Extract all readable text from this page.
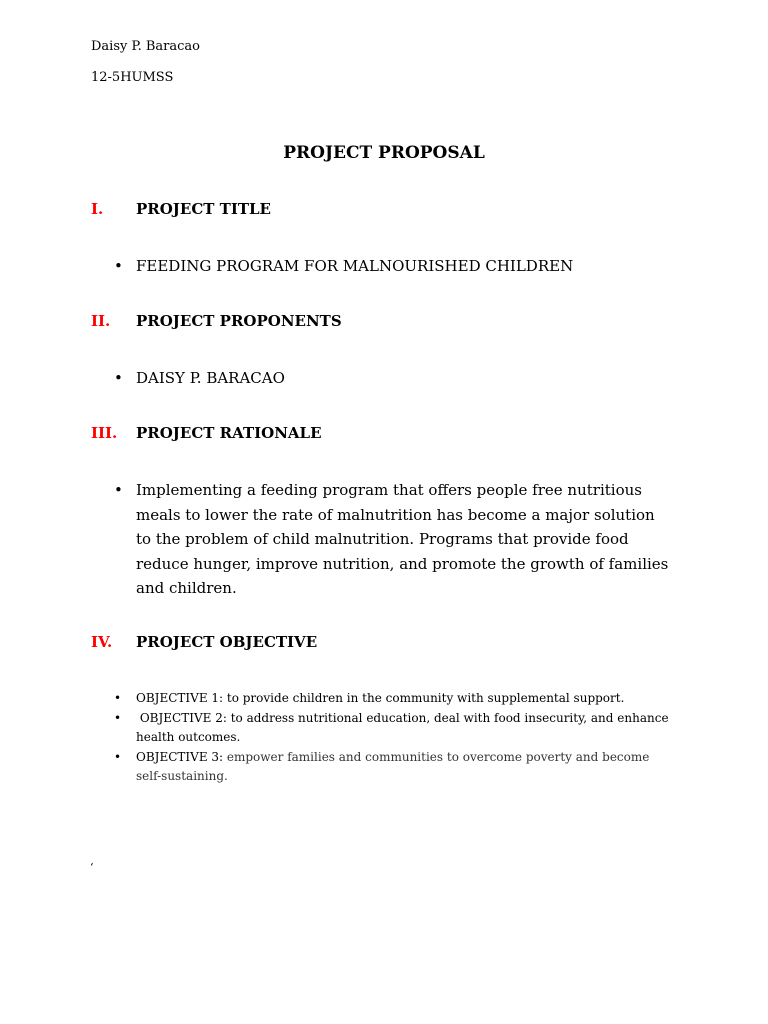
Daisy P. Baracao
12-5HUMSS
PROJECT PROPOSAL
I. PROJECT TITLE
• FEEDING PROGRAM FOR MALNOURISHED CHILDREN
II. PROJECT PROPONENTS
• DAISY P. BARACAO
III. PROJECT RATIONALE
• Implementing a feeding program that offers people free nutritious meals to lower the rate of malnutrition has become a major solution to the problem of child malnutrition. Programs that provide food reduce hunger, improve nutrition, and promote the growth of families and children.
IV. PROJECT OBJECTIVE
• OBJECTIVE 1: to provide children in the community with supplemental support.
• OBJECTIVE 2: to address nutritional education, deal with food insecurity, and enhance health outcomes.
• OBJECTIVE 3: empower families and communities to overcome poverty and become self-sustaining.
‘
